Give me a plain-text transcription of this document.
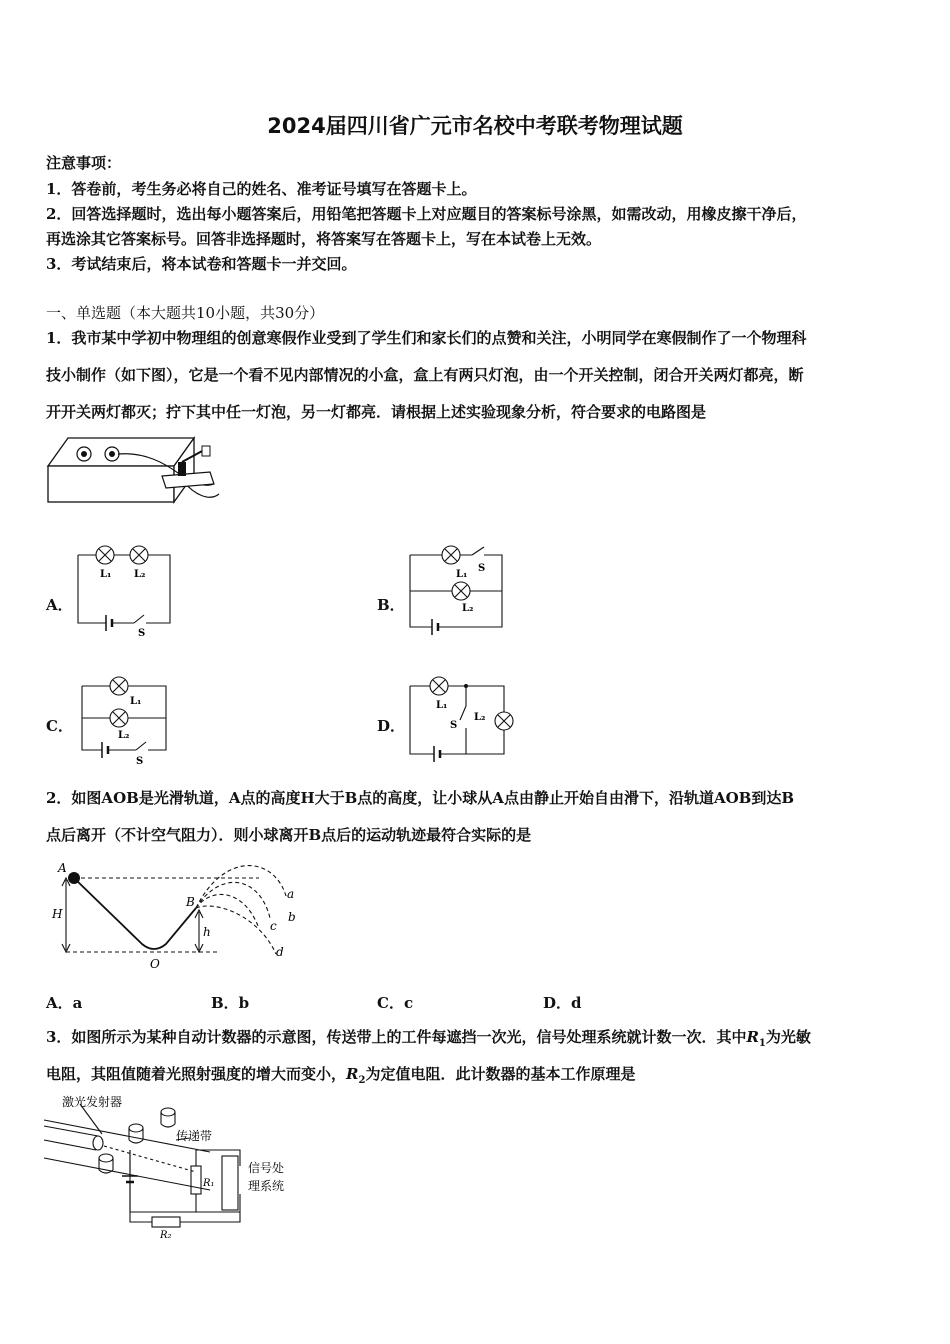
2024届四川省广元市名校中考联考物理试题
注意事项：
1．答卷前，考生务必将自己的姓名、准考证号填写在答题卡上。
2．回答选择题时，选出每小题答案后，用铅笔把答题卡上对应题目的答案标号涂黑，如需改动，用橡皮擦干净后，
再选涂其它答案标号。回答非选择题时，将答案写在答题卡上，写在本试卷上无效。
3．考试结束后，将本试卷和答题卡一并交回。
一、单选题（本大题共10小题，共30分）
1．我市某中学初中物理组的创意寒假作业受到了学生们和家长们的点赞和关注，小明同学在寒假制作了一个物理科
技小制作（如下图），它是一个看不见内部情况的小盒，盒上有两只灯泡，由一个开关控制，闭合开关两灯都亮，断
开开关两灯都灭；拧下其中任一灯泡，另一灯都亮．请根据上述实验现象分析，符合要求的电路图是
A．
L₁ L₂
S
B．
L₁
S
L₂
C．
L₁
L₂
S
D．
L₁
S
L₂
2．如图AOB是光滑轨道，A点的高度H大于B点的高度，让小球从A点由静止开始自由滑下，沿轨道AOB到达B
点后离开（不计空气阻力）．则小球离开B点后的运动轨迹最符合实际的是
A
H
B
O
h
a
b
c
d
A．a	B．b	C．c	D．d
3．如图所示为某种自动计数器的示意图，传送带上的工件每遮挡一次光，信号处理系统就计数一次．其中$R_1$为光敏
电阻，其阻值随着光照射强度的增大而变小，$R_2$为定值电阻．此计数器的基本工作原理是
激光发射器
传递带
信号处
理系统
R₁
R₂
